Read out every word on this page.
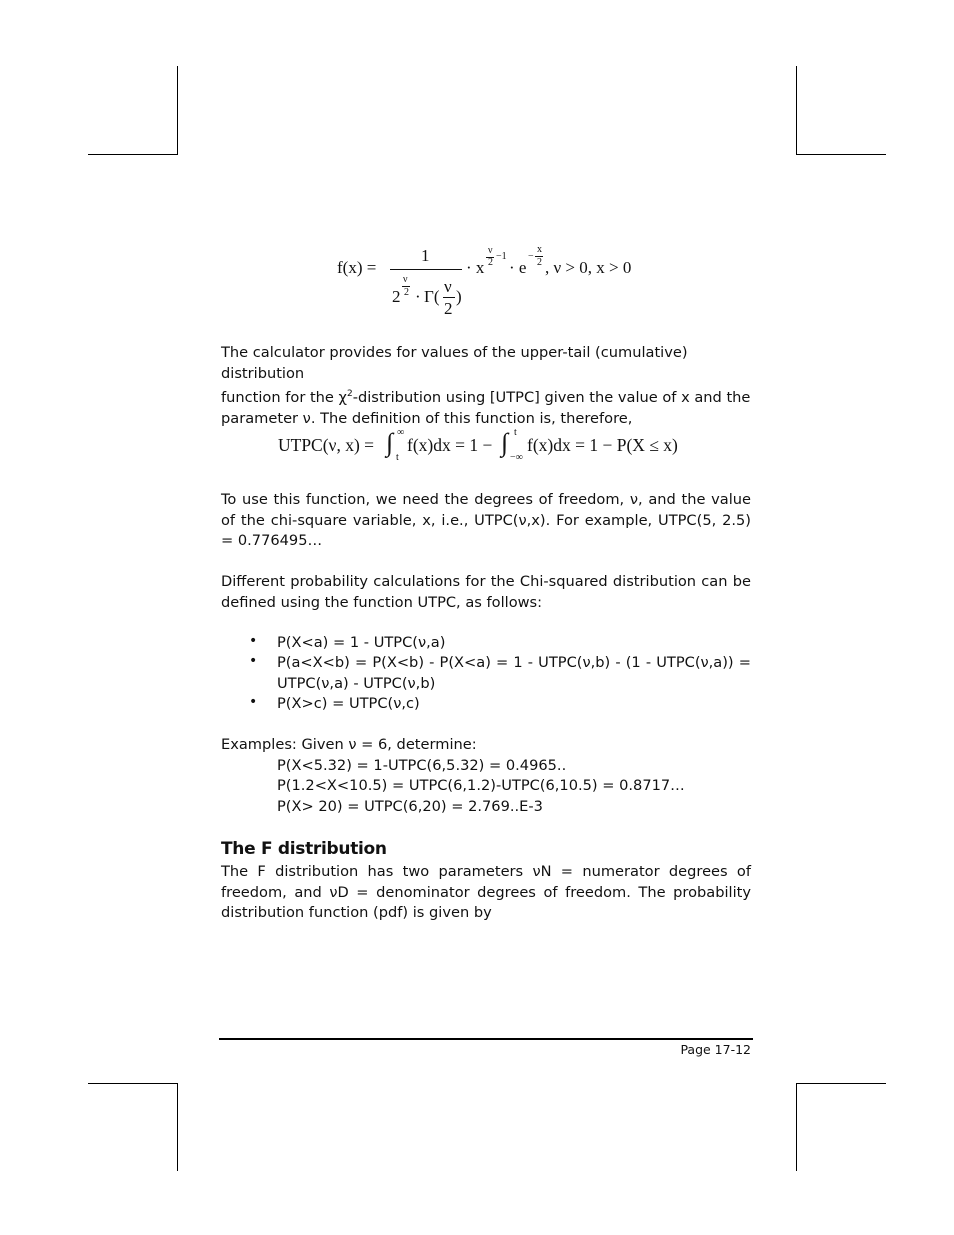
f(x) =
1
2
ν
2 · Γ(
ν
2
)
· x
ν
2
−1
· e
−
x
2 , ν > 0, x > 0
The calculator provides for values of the upper-tail (cumulative) distribution
function for the $\chi^2$-distribution using [UTPC] given the value of x and the
parameter ν. The definition of this function is, therefore,
UTPC(ν, x) = ∫ ∞
t
f(x)dx = 1 − ∫ t
−∞
f(x)dx = 1 − P(X ≤ x)
To use this function, we need the degrees of freedom, ν, and the value of the chi-square variable, x, i.e., UTPC(ν,x). For example, UTPC(5, 2.5) = 0.776495…
Different probability calculations for the Chi-squared distribution can be defined using the function UTPC, as follows:
• P(X<a) = 1 - UTPC(ν,a)
• P(a<X<b) = P(X<b) - P(X<a) = 1 - UTPC(ν,b) - (1 - UTPC(ν,a)) = UTPC(ν,a) - UTPC(ν,b)
• P(X>c) = UTPC(ν,c)
Examples: Given ν = 6, determine:
P(X<5.32) = 1-UTPC(6,5.32) = 0.4965..
P(1.2<X<10.5) = UTPC(6,1.2)-UTPC(6,10.5) = 0.8717…
P(X> 20) = UTPC(6,20) = 2.769..E-3
The F distribution
The F distribution has two parameters νN = numerator degrees of freedom, and νD = denominator degrees of freedom. The probability distribution function (pdf) is given by
Page 17-12
